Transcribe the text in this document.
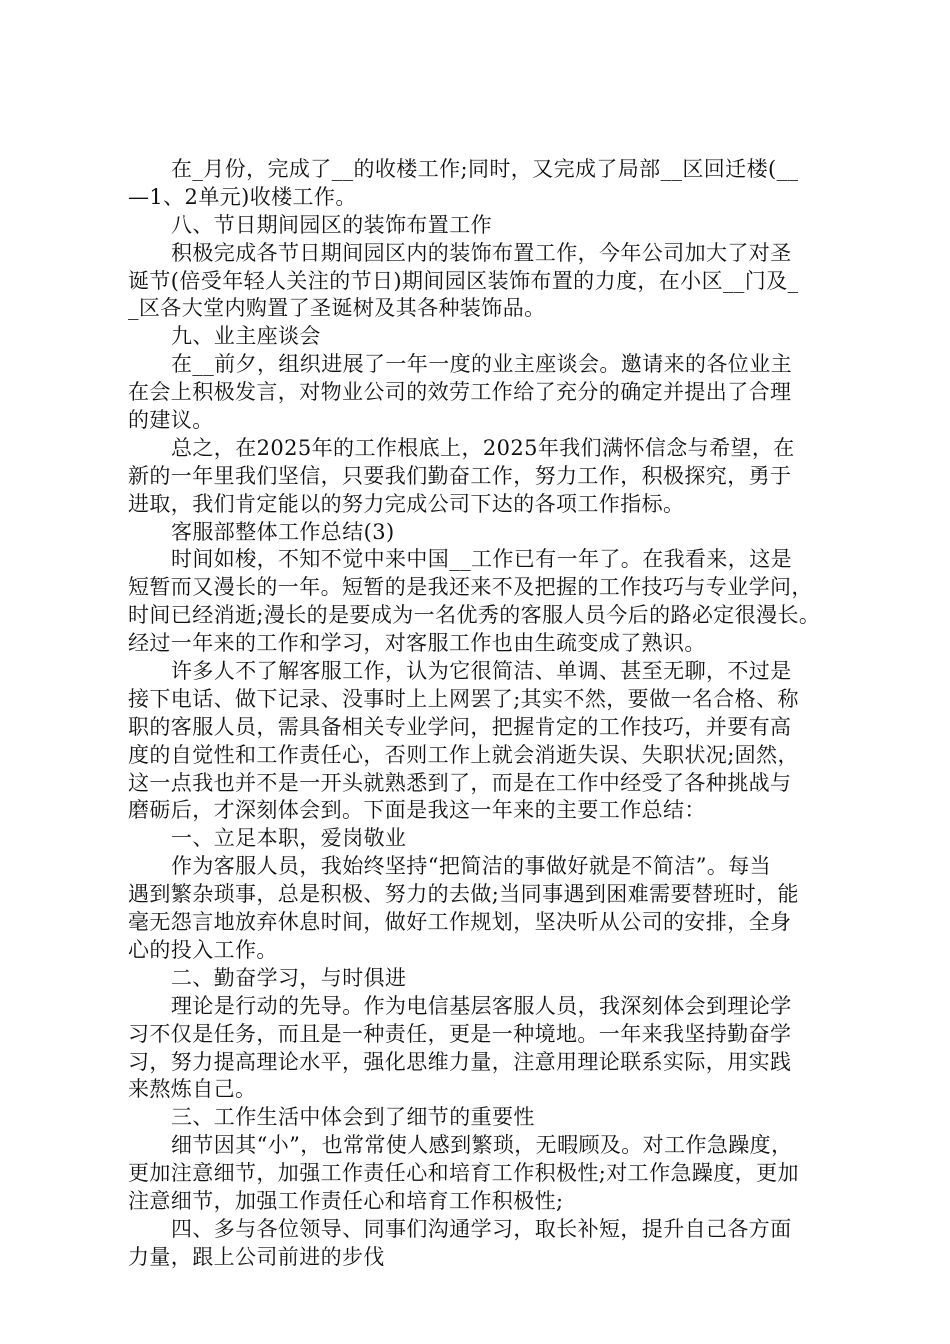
在_月份，完成了__的收楼工作;同时，又完成了局部__区回迁楼(__
—1、2单元)收楼工作。
八、节日期间园区的装饰布置工作
积极完成各节日期间园区内的装饰布置工作，今年公司加大了对圣
诞节(倍受年轻人关注的节日)期间园区装饰布置的力度，在小区__门及_
_区各大堂内购置了圣诞树及其各种装饰品。
九、业主座谈会
在__前夕，组织进展了一年一度的业主座谈会。邀请来的各位业主
在会上积极发言，对物业公司的效劳工作给了充分的确定并提出了合理
的建议。
总之，在2025年的工作根底上，2025年我们满怀信念与希望，在
新的一年里我们坚信，只要我们勤奋工作，努力工作，积极探究，勇于
进取，我们肯定能以的努力完成公司下达的各项工作指标。
客服部整体工作总结(3)
时间如梭，不知不觉中来中国__工作已有一年了。在我看来，这是
短暂而又漫长的一年。短暂的是我还来不及把握的工作技巧与专业学问，
时间已经消逝;漫长的是要成为一名优秀的客服人员今后的路必定很漫长。
经过一年来的工作和学习，对客服工作也由生疏变成了熟识。
许多人不了解客服工作，认为它很简洁、单调、甚至无聊，不过是
接下电话、做下记录、没事时上上网罢了;其实不然，要做一名合格、称
职的客服人员，需具备相关专业学问，把握肯定的工作技巧，并要有高
度的自觉性和工作责任心，否则工作上就会消逝失误、失职状况;固然，
这一点我也并不是一开头就熟悉到了，而是在工作中经受了各种挑战与
磨砺后，才深刻体会到。下面是我这一年来的主要工作总结：
一、立足本职，爱岗敬业
作为客服人员，我始终坚持“把简洁的事做好就是不简洁”。每当
遇到繁杂琐事，总是积极、努力的去做;当同事遇到困难需要替班时，能
毫无怨言地放弃休息时间，做好工作规划，坚决听从公司的安排，全身
心的投入工作。
二、勤奋学习，与时俱进
理论是行动的先导。作为电信基层客服人员，我深刻体会到理论学
习不仅是任务，而且是一种责任，更是一种境地。一年来我坚持勤奋学
习，努力提高理论水平，强化思维力量，注意用理论联系实际，用实践
来熬炼自己。
三、工作生活中体会到了细节的重要性
细节因其“小”，也常常使人感到繁琐，无暇顾及。对工作急躁度，
更加注意细节，加强工作责任心和培育工作积极性;对工作急躁度，更加
注意细节，加强工作责任心和培育工作积极性;
四、多与各位领导、同事们沟通学习，取长补短，提升自己各方面
力量，跟上公司前进的步伐
